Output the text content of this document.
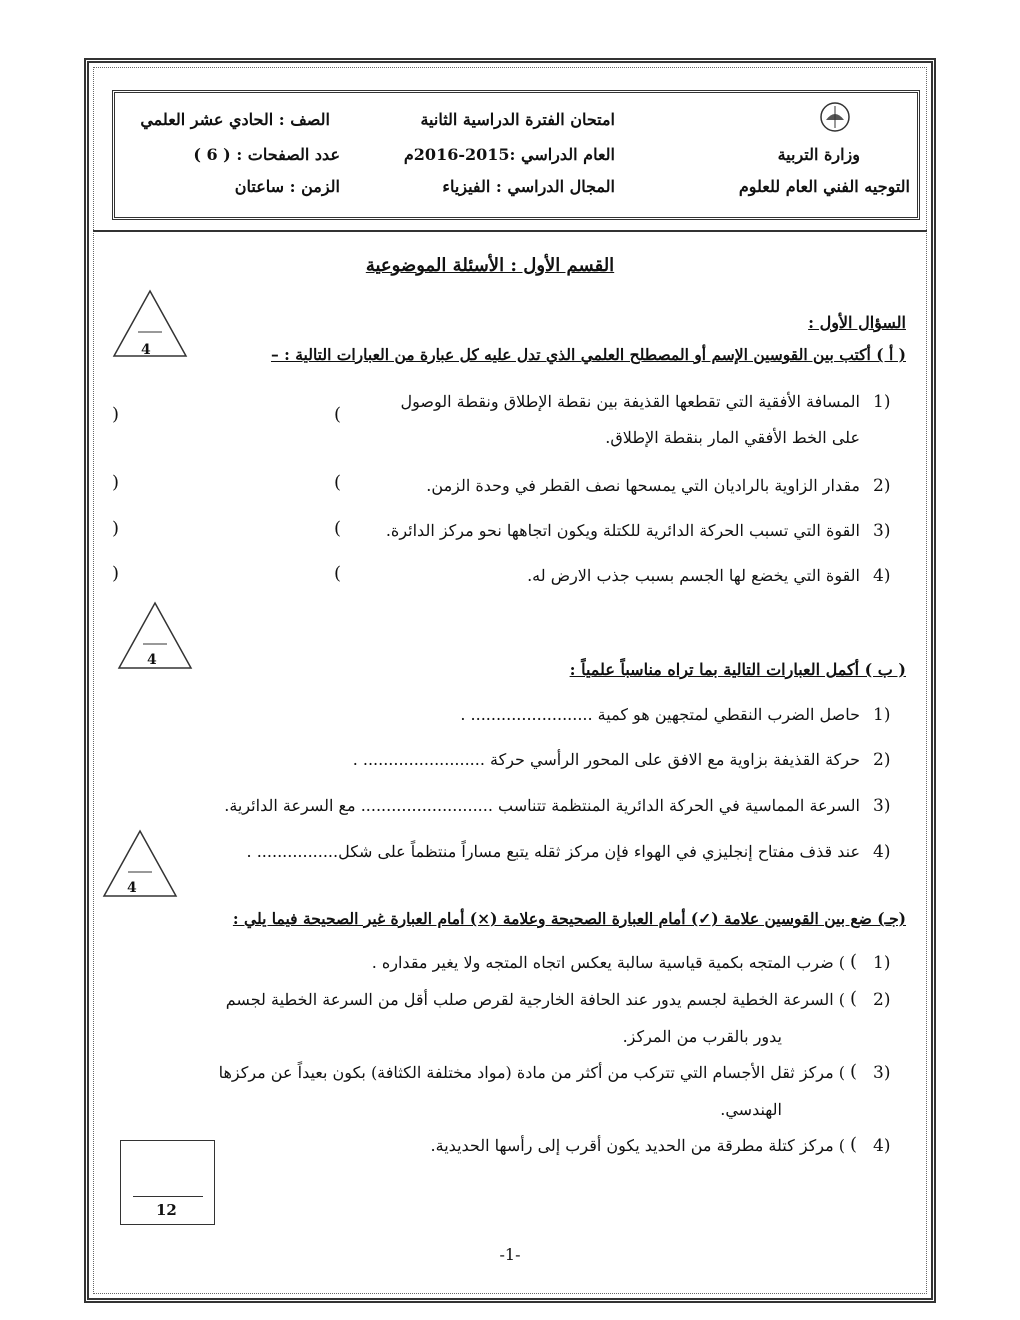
الصف : الحادي عشر العلمي
عدد الصفحات : ( 6 )
الزمن : ساعتان
امتحان الفترة الدراسية الثانية
العام الدراسي :2015-2016م
المجال الدراسي : الفيزياء
وزارة التربية
التوجيه الفني العام للعلوم
القسم الأول : الأسئلة الموضوعية
4
السؤال الأول :
( أ ) أكتب بين القوسين الإسم أو المصطلح العلمي الذي تدل عليه كل عبارة من العبارات التالية : –
1)
المسافة الأفقية التي تقطعها القذيفة بين نقطة الإطلاق ونقطة الوصول
على الخط الأفقي المار بنقطة الإطلاق.
(
)
2)
مقدار الزاوية بالراديان التي يمسحها نصف القطر في وحدة الزمن.
(
)
3)
القوة التي تسبب الحركة الدائرية للكتلة ويكون اتجاهها نحو مركز الدائرة.
(
)
4)
القوة التي يخضع لها الجسم بسبب جذب الارض له.
(
)
4	( ب ) أكمل العبارات التالية بما تراه مناسباً علمياً :
1)
حاصل الضرب النقطي لمتجهين هو كمية ........................ .
2)
حركة القذيفة بزاوية مع الافق على المحور الرأسي حركة ........................ .
3)
السرعة المماسية في الحركة الدائرية المنتظمة تتناسب .......................... مع السرعة الدائرية.
4)
عند قذف مفتاح إنجليزي في الهواء فإن مركز ثقله يتبع مساراً منتظماً على شكل................ .
4
(جـ) ضع بين القوسين علامة (✓) أمام العبارة الصحيحة وعلامة (×) أمام العبارة غير الصحيحة فيما يلي :
1)
(
) ضرب المتجه بكمية قياسية سالبة يعكس اتجاه المتجه ولا يغير مقداره .
2)
(
) السرعة الخطية لجسم يدور عند الحافة الخارجية لقرص صلب أقل من السرعة الخطية لجسم
يدور بالقرب من المركز.
3)
(
) مركز ثقل الأجسام التي تتركب من أكثر من مادة (مواد مختلفة الكثافة) بكون بعيداً عن مركزها
الهندسي.
4)
(
) مركز كتلة مطرقة من الحديد يكون أقرب إلى رأسها الحديدية.
12
-1-
